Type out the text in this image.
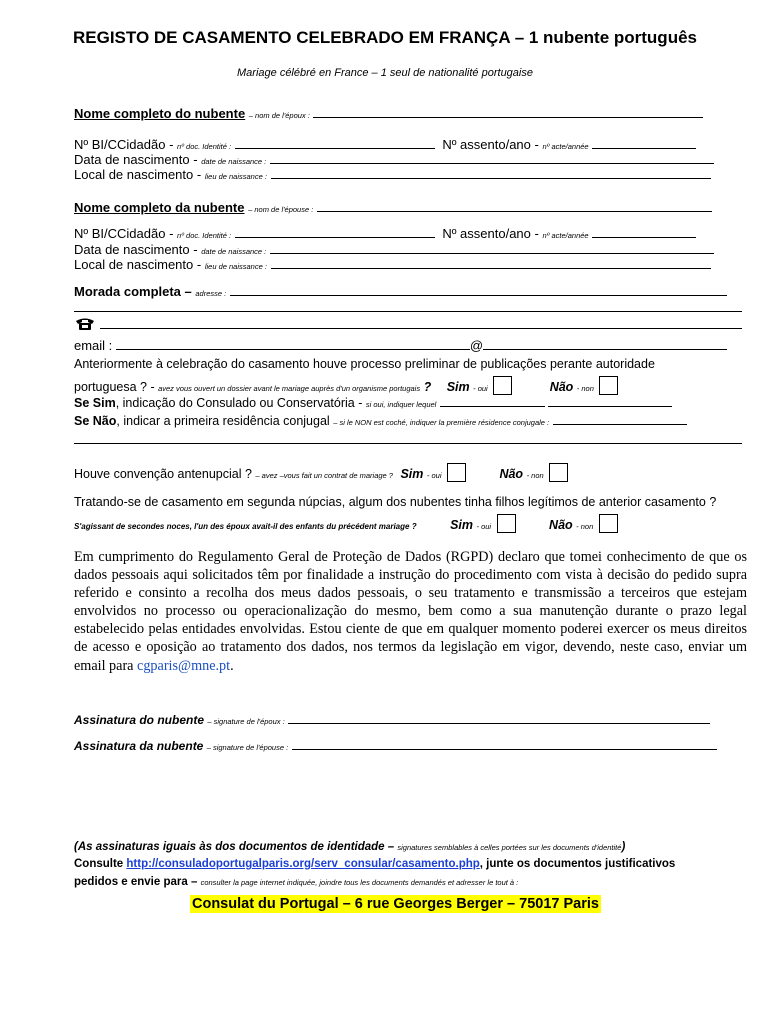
REGISTO DE CASAMENTO CELEBRADO EM FRANÇA – 1 nubente português
Mariage célébré en France – 1 seul de nationalité portugaise
Nome completo do nubente – nom de l'époux :
Nº BI/CCidadão - nº doc. Identité :	Nº assento/ano - nº acte/année
Data de nascimento - date de naissance :
Local de nascimento - lieu de naissance :
Nome completo da nubente – nom de l'épouse :
Nº BI/CCidadão - nº doc. Identité :	Nº assento/ano - nº acte/année
Data de nascimento - date de naissance :
Local de nascimento - lieu de naissance :
Morada completa – adresse :

email :	@
Anteriormente à celebração do casamento houve processo preliminar de publicações perante autoridade
portuguesa ? - avez vous ouvert un dossier avant le mariage auprès d'un organisme portugais ? Sim - oui	Não - non
Se Sim, indicação do Consulado ou Conservatória - si oui, indiquer lequel
Se Não, indicar a primeira residência conjugal – si le NON est coché, indiquer la première résidence conjugale :
Houve convenção antenupcial ? – avez –vous fait un contrat de mariage ? Sim - oui	Não - non
Tratando-se de casamento em segunda núpcias, algum dos nubentes tinha filhos legítimos de anterior casamento ?
S'agissant de secondes noces, l'un des époux avait-il des enfants du précédent mariage ?	Sim - oui	Não - non
Em cumprimento do Regulamento Geral de Proteção de Dados (RGPD) declaro que tomei conhecimento de que os dados pessoais aqui solicitados têm por finalidade a instrução do procedimento com vista à decisão do pedido supra referido e consinto a recolha dos meus dados pessoais, o seu tratamento e transmissão a terceiros que estejam envolvidos no processo ou operacionalização do mesmo, bem como a sua manutenção durante o prazo legal estabelecido pelas entidades envolvidas. Estou ciente de que em qualquer momento poderei exercer os meus direitos de acesso e oposição ao tratamento dos dados, nos termos da legislação em vigor, devendo, neste caso, enviar um email para cgparis@mne.pt.
Assinatura do nubente – signature de l'époux :
Assinatura da nubente – signature de l'épouse :
(As assinaturas iguais às dos documentos de identidade – signatures semblables à celles portées sur les documents d'identité)
Consulte http://consuladoportugalparis.org/serv_consular/casamento.php, junte os documentos justificativos
pedidos e envie para – consulter la page internet indiquée, joindre tous les documents demandés et adresser le tout à :
Consulat du Portugal – 6 rue Georges Berger – 75017 Paris
